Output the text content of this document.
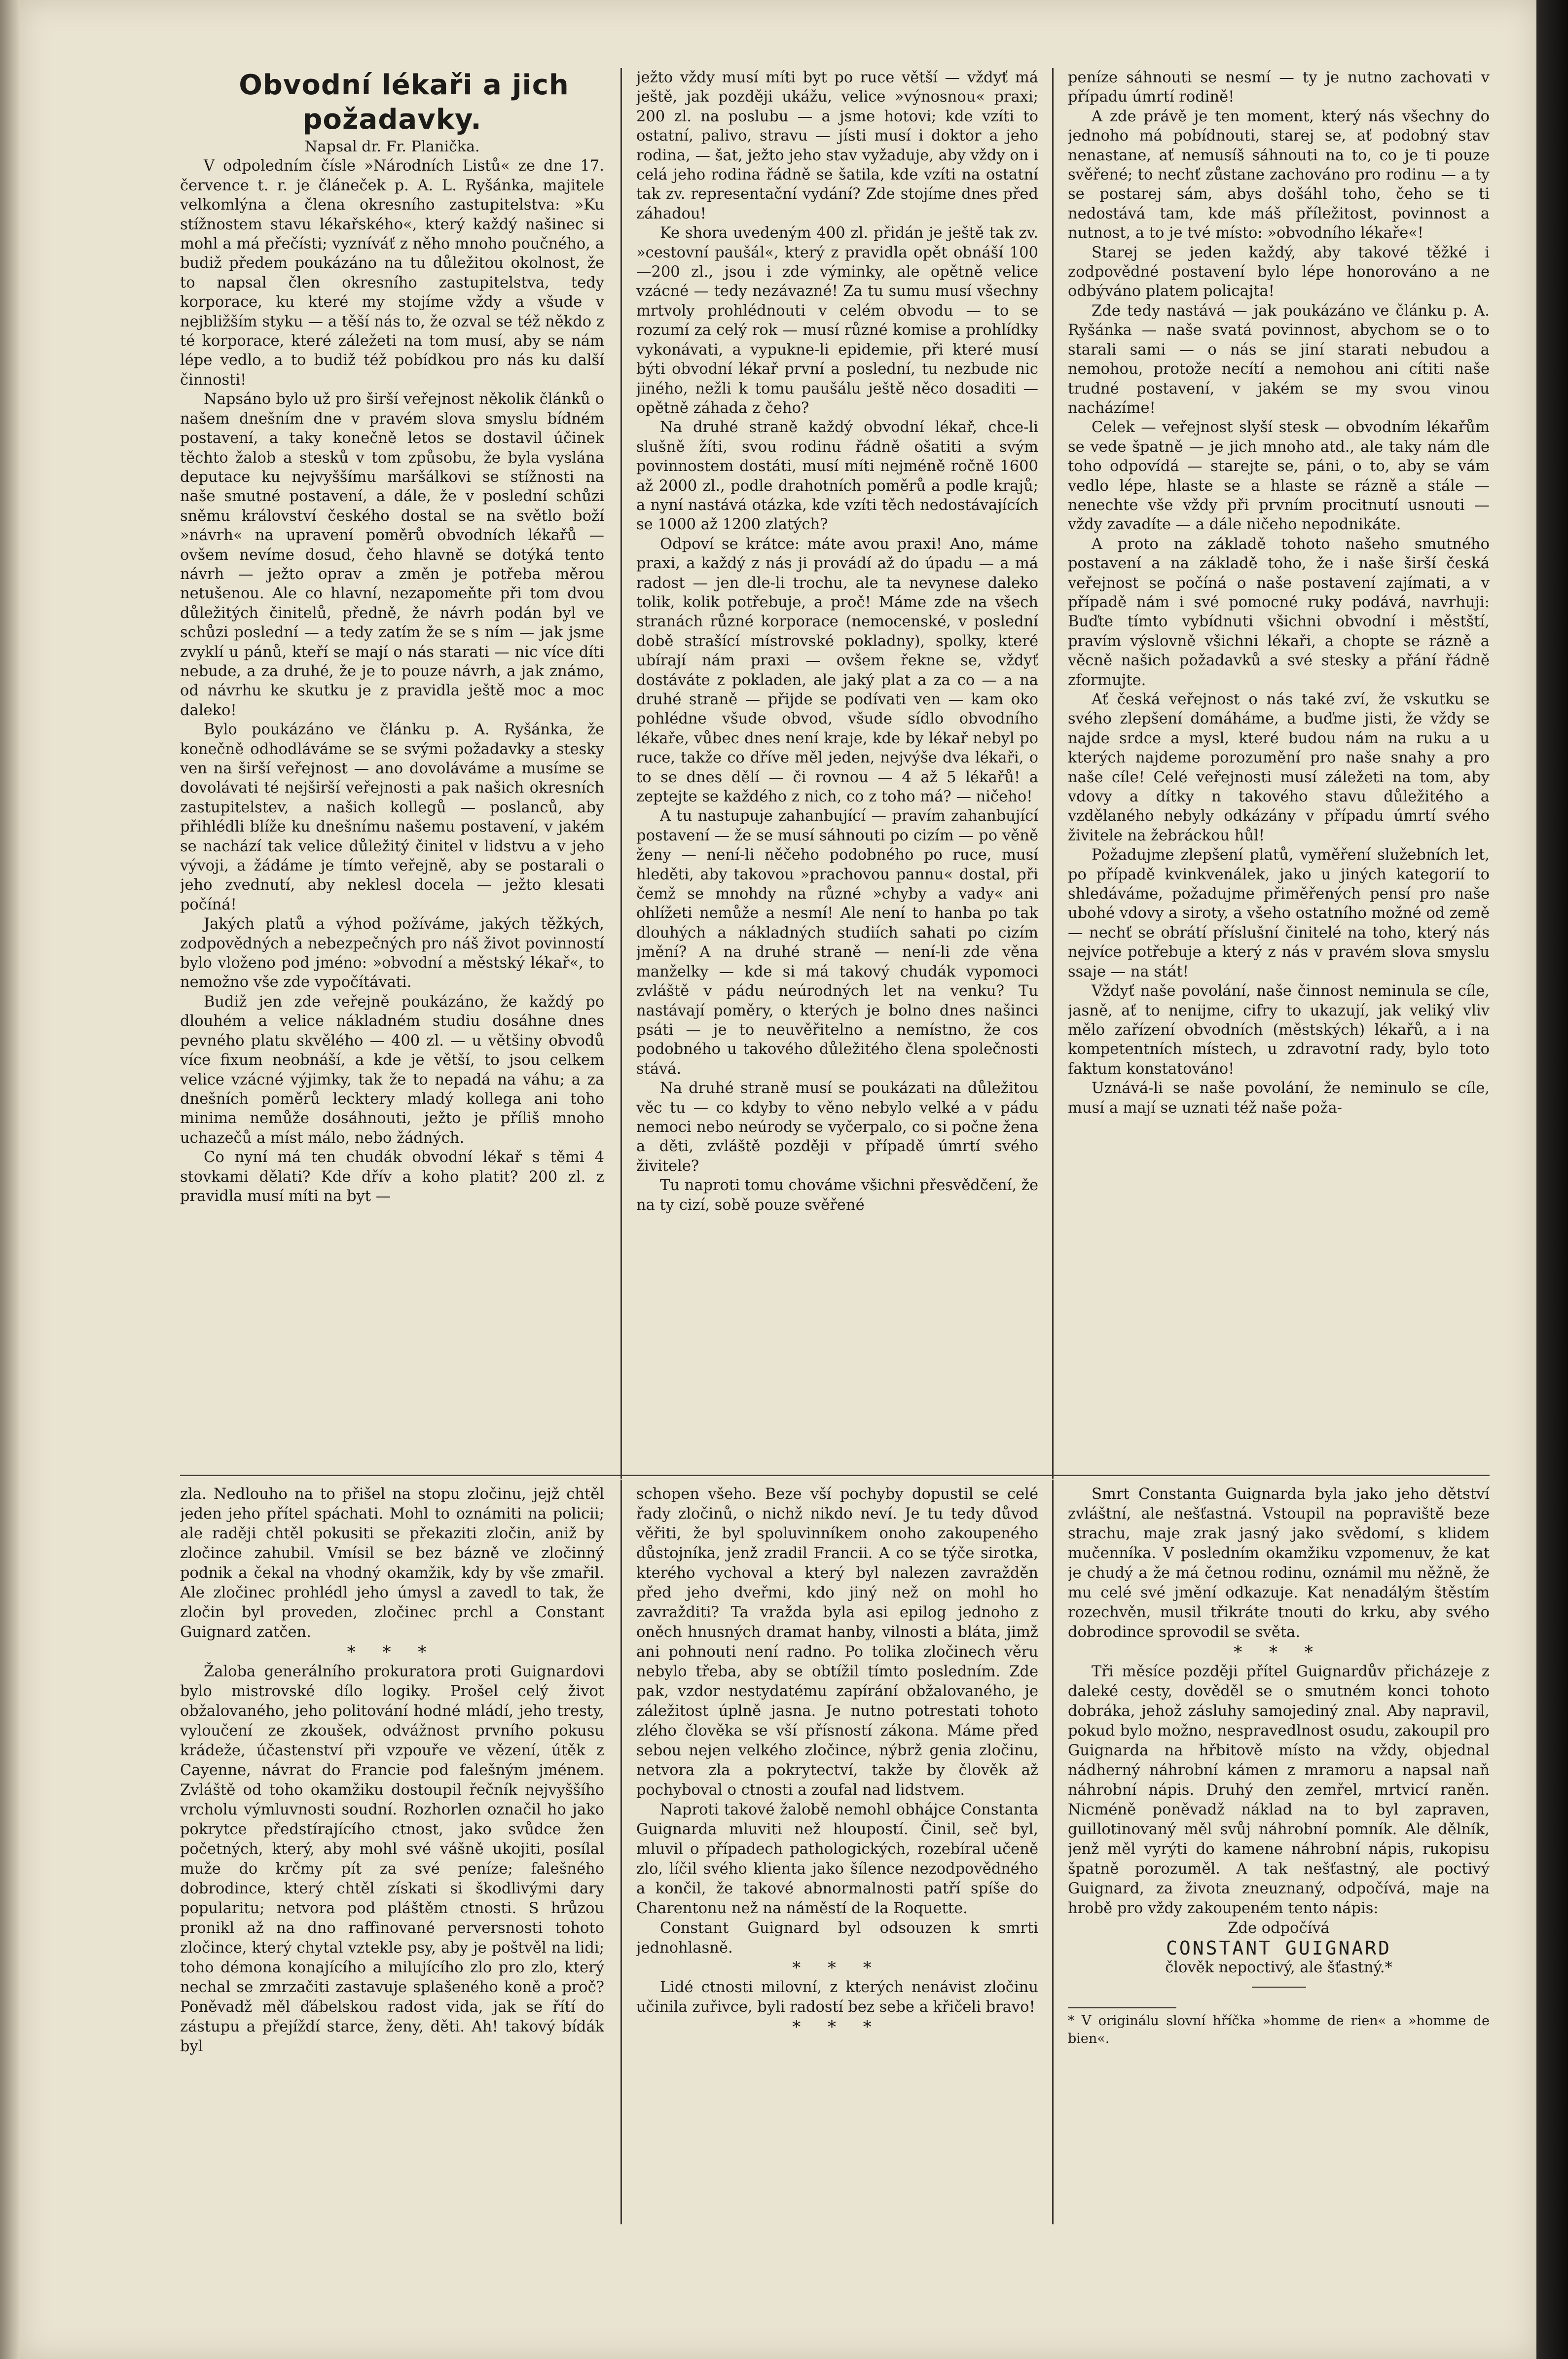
Obvodní lékaři a jich požadavky.

Napsal dr. Fr. Planička.

V odpoledním čísle »Národních Listů« ze dne 17. července t. r. je článeček p. A. L. Ryšánka, majitele velkomlýna a člena okresního zastupitelstva: »Ku stížnostem stavu lékařského«, který každý našinec si mohl a má přečísti; vyzníváť z něho mnoho poučného, a budiž předem poukázáno na tu důležitou okolnost, že to napsal člen okresního zastupitelstva, tedy korporace, ku které my stojíme vždy a všude v nejbližším styku — a těší nás to, že ozval se též někdo z té korporace, které záležeti na tom musí, aby se nám lépe vedlo, a to budiž též pobídkou pro nás ku další činnosti!

Napsáno bylo už pro širší veřejnost několik článků o našem dnešním dne v pravém slova smyslu bídném postavení, a taky konečně letos se dostavil účinek těchto žalob a stesků v tom způsobu, že byla vyslána deputace ku nejvyššímu maršálkovi se stížnosti na naše smutné postavení, a dále, že v poslední schůzi sněmu království českého dostal se na světlo boží »návrh« na upravení poměrů obvodních lékařů — ovšem nevíme dosud, čeho hlavně se dotýká tento návrh — ježto oprav a změn je potřeba měrou netušenou. Ale co hlavní, nezapomeňte při tom dvou důležitých činitelů, předně, že návrh podán byl ve schůzi poslední — a tedy zatím že se s ním — jak jsme zvyklí u pánů, kteří se mají o nás starati — nic více díti nebude, a za druhé, že je to pouze návrh, a jak známo, od návrhu ke skutku je z pravidla ještě moc a moc daleko!

Bylo poukázáno ve článku p. A. Ryšánka, že konečně odhodláváme se se svými požadavky a stesky ven na širší veřejnost — ano dovoláváme a musíme se dovolávati té nejširší veřejnosti a pak našich okresních zastupitelstev, a našich kollegů — poslanců, aby přihlédli blíže ku dnešnímu našemu postavení, v jakém se nachází tak velice důležitý činitel v lidstvu a v jeho vývoji, a žádáme je tímto veřejně, aby se postarali o jeho zvednutí, aby neklesl docela — ježto klesati počíná!

Jakých platů a výhod požíváme, jakých těžkých, zodpovědných a nebezpečných pro náš život povinností bylo vloženo pod jméno: »obvodní a městský lékař«, to nemožno vše zde vypočítávati.

Budiž jen zde veřejně poukázáno, že každý po dlouhém a velice nákladném studiu dosáhne dnes pevného platu skvělého — 400 zl. — u většiny obvodů více fixum neobnáší, a kde je větší, to jsou celkem velice vzácné výjimky, tak že to nepadá na váhu; a za dnešních poměrů lecktery mladý kollega ani toho minima nemůže dosáhnouti, ježto je příliš mnoho uchazečů a míst málo, nebo žádných.

Co nyní má ten chudák obvodní lékař s těmi 4 stovkami dělati? Kde dřív a koho platit? 200 zl. z pravidla musí míti na byt —

ježto vždy musí míti byt po ruce větší — vždyť má ještě, jak později ukážu, velice »výnosnou« praxi; 200 zl. na poslubu — a jsme hotovi; kde vzíti to ostatní, palivo, stravu — jísti musí i doktor a jeho rodina, — šat, ježto jeho stav vyžaduje, aby vždy on i celá jeho rodina řádně se šatila, kde vzíti na ostatní tak zv. representační vydání? Zde stojíme dnes před záhadou!

Ke shora uvedeným 400 zl. přidán je ještě tak zv. »cestovní paušál«, který z pravidla opět obnáší 100—200 zl., jsou i zde výminky, ale opětně velice vzácné — tedy nezávazné! Za tu sumu musí všechny mrtvoly prohlédnouti v celém obvodu — to se rozumí za celý rok — musí různé komise a prohlídky vykonávati, a vypukne-li epidemie, při které musí býti obvodní lékař první a poslední, tu nezbude nic jiného, nežli k tomu paušálu ještě něco dosaditi — opětně záhada z čeho?

Na druhé straně každý obvodní lékař, chce-li slušně žíti, svou rodinu řádně ošatiti a svým povinnostem dostáti, musí míti nejméně ročně 1600 až 2000 zl., podle drahotních poměrů a podle krajů; a nyní nastává otázka, kde vzíti těch nedostávajících se 1000 až 1200 zlatých?

Odpoví se krátce: máte avou praxi! Ano, máme praxi, a každý z nás ji provádí až do úpadu — a má radost — jen dle-li trochu, ale ta nevynese daleko tolik, kolik potřebuje, a proč! Máme zde na všech stranách různé korporace (nemocenské, v poslední době strašící místrovské pokladny), spolky, které ubírají nám praxi — ovšem řekne se, vždyť dostáváte z pokladen, ale jaký plat a za co — a na druhé straně — přijde se podívati ven — kam oko pohlédne všude obvod, všude sídlo obvodního lékaře, vůbec dnes není kraje, kde by lékař nebyl po ruce, takže co dříve měl jeden, nejvýše dva lékaři, o to se dnes dělí — či rovnou — 4 až 5 lékařů! a zeptejte se každého z nich, co z toho má? — ničeho!

A tu nastupuje zahanbující — pravím zahanbující postavení — že se musí sáhnouti po cizím — po věně ženy — není-li něčeho podobného po ruce, musí hleděti, aby takovou »prachovou pannu« dostal, při čemž se mnohdy na různé »chyby a vady« ani ohlížeti nemůže a nesmí! Ale není to hanba po tak dlouhých a nákladných studiích sahati po cizím jmění? A na druhé straně — není-li zde věna manželky — kde si má takový chudák vypomoci zvláště v pádu neúrodných let na venku? Tu nastávají poměry, o kterých je bolno dnes našinci psáti — je to neuvěřitelno a nemístno, že cos podobného u takového důležitého člena společnosti stává.

Na druhé straně musí se poukázati na důležitou věc tu — co kdyby to věno nebylo velké a v pádu nemoci nebo neúrody se vyčerpalo, co si počne žena a děti, zvláště později v případě úmrtí svého živitele?

Tu naproti tomu chováme všichni přesvědčení, že na ty cizí, sobě pouze svěřené

peníze sáhnouti se nesmí — ty je nutno zachovati v případu úmrtí rodině!

A zde právě je ten moment, který nás všechny do jednoho má pobídnouti, starej se, ať podobný stav nenastane, ať nemusíš sáhnouti na to, co je ti pouze svěřené; to nechť zůstane zachováno pro rodinu — a ty se postarej sám, abys došáhl toho, čeho se ti nedostává tam, kde máš příležitost, povinnost a nutnost, a to je tvé místo: »obvodního lékaře«!

Starej se jeden každý, aby takové těžké i zodpovědné postavení bylo lépe honorováno a ne odbýváno platem policajta!

Zde tedy nastává — jak poukázáno ve článku p. A. Ryšánka — naše svatá povinnost, abychom se o to starali sami — o nás se jiní starati nebudou a nemohou, protože necítí a nemohou ani cítiti naše trudné postavení, v jakém se my svou vinou nacházíme!

Celek — veřejnost slyší stesk — obvodním lékařům se vede špatně — je jich mnoho atd., ale taky nám dle toho odpovídá — starejte se, páni, o to, aby se vám vedlo lépe, hlaste se a hlaste se rázně a stále — nenechte vše vždy při prvním procitnutí usnouti — vždy zavadíte — a dále ničeho nepodnikáte.

A proto na základě tohoto našeho smutného postavení a na základě toho, že i naše širší česká veřejnost se počíná o naše postavení zajímati, a v případě nám i své pomocné ruky podává, navrhuji: Buďte tímto vybídnuti všichni obvodní i městští, pravím výslovně všichni lékaři, a chopte se rázně a věcně našich požadavků a své stesky a přání řádně zformujte.

Ať česká veřejnost o nás také zví, že vskutku se svého zlepšení domáháme, a buďme jisti, že vždy se najde srdce a mysl, které budou nám na ruku a u kterých najdeme porozumění pro naše snahy a pro naše cíle! Celé veřejnosti musí záležeti na tom, aby vdovy a dítky n takového stavu důležitého a vzdělaného nebyly odkázány v případu úmrtí svého živitele na žebráckou hůl!

Požadujme zlepšení platů, vyměření služebních let, po případě kvinkvenálek, jako u jiných kategorií to shledáváme, požadujme přiměřených pensí pro naše ubohé vdovy a siroty, a všeho ostatního možné od země — nechť se obrátí příslušní činitelé na toho, který nás nejvíce potřebuje a který z nás v pravém slova smyslu ssaje — na stát!

Vždyť naše povolání, naše činnost neminula se cíle, jasně, ať to nenijme, cifry to ukazují, jak veliký vliv mělo zařízení obvodních (městských) lékařů, a i na kompetentních místech, u zdravotní rady, bylo toto faktum konstatováno!

Uznává-li se naše povolání, že neminulo se cíle, musí a mají se uznati též naše poža-

zla. Nedlouho na to přišel na stopu zločinu, jejž chtěl jeden jeho přítel spáchati. Mohl to oznámiti na policii; ale raději chtěl pokusiti se překaziti zločin, aniž by zločince zahubil. Vmísil se bez bázně ve zločinný podnik a čekal na vhodný okamžik, kdy by vše zmařil. Ale zločinec prohlédl jeho úmysl a zavedl to tak, že zločin byl proveden, zločinec prchl a Constant Guignard zatčen.

* * *

Žaloba generálního prokuratora proti Guignardovi bylo mistrovské dílo logiky. Prošel celý život obžalovaného, jeho politování hodné mládí, jeho tresty, vyloučení ze zkoušek, odvážnost prvního pokusu krádeže, účastenství při vzpouře ve vězení, útěk z Cayenne, návrat do Francie pod falešným jménem. Zvláště od toho okamžiku dostoupil řečník nejvyššího vrcholu výmluvnosti soudní. Rozhorlen označil ho jako pokrytce předstírajícího ctnost, jako svůdce žen početných, který, aby mohl své vášně ukojiti, posílal muže do krčmy pít za své peníze; falešného dobrodince, který chtěl získati si škodlivými dary popularitu; netvora pod pláštěm ctnosti. S hrůzou pronikl až na dno raffinované perversnosti tohoto zločince, který chytal vztekle psy, aby je poštvěl na lidi; toho démona konajícího a milujícího zlo pro zlo, který nechal se zmrzačiti zastavuje splašeného koně a proč? Poněvadž měl ďábelskou radost vida, jak se řítí do zástupu a přejíždí starce, ženy, děti. Ah! takový bídák byl

schopen všeho. Beze vší pochyby dopustil se celé řady zločinů, o nichž nikdo neví. Je tu tedy důvod věřiti, že byl spoluvinníkem onoho zakoupeného důstojníka, jenž zradil Francii. A co se týče sirotka, kterého vychoval a který byl nalezen zavražděn před jeho dveřmi, kdo jiný než on mohl ho zavražditi? Ta vražda byla asi epilog jednoho z oněch hnusných dramat hanby, vilnosti a bláta, jimž ani pohnouti není radno. Po tolika zločinech věru nebylo třeba, aby se obtížil tímto posledním. Zde pak, vzdor nestydatému zapírání obžalovaného, je záležitost úplně jasna. Je nutno potrestati tohoto zlého člověka se vší přísností zákona. Máme před sebou nejen velkého zločince, nýbrž genia zločinu, netvora zla a pokrytectví, takže by člověk až pochyboval o ctnosti a zoufal nad lidstvem.

Naproti takové žalobě nemohl obhájce Constanta Guignarda mluviti než hloupostí. Činil, seč byl, mluvil o případech pathologických, rozebíral učeně zlo, líčil svého klienta jako šílence nezodpovědného a končil, že takové abnormalnosti patří spíše do Charentonu než na náměstí de la Roquette.

Constant Guignard byl odsouzen k smrti jednohlasně.

* * *

Lidé ctnosti milovní, z kterých nenávist zločinu učinila zuřivce, byli radostí bez sebe a křičeli bravo!

* * *

Smrt Constanta Guignarda byla jako jeho dětství zvláštní, ale nešťastná. Vstoupil na popraviště beze strachu, maje zrak jasný jako svědomí, s klidem mučenníka. V posledním okamžiku vzpomenuv, že kat je chudý a že má četnou rodinu, oznámil mu něžně, že mu celé své jmění odkazuje. Kat nenadálým štěstím rozechvěn, musil třikráte tnouti do krku, aby svého dobrodince sprovodil se světa.

* * *

Tři měsíce později přítel Guignardův přicházeje z daleké cesty, dověděl se o smutném konci tohoto dobráka, jehož zásluhy samojediný znal. Aby napravil, pokud bylo možno, nespravedlnost osudu, zakoupil pro Guignarda na hřbitově místo na vždy, objednal nádherný náhrobní kámen z mramoru a napsal naň náhrobní nápis. Druhý den zemřel, mrtvicí raněn. Nicméně poněvadž náklad na to byl zapraven, guillotinovaný měl svůj náhrobní pomník. Ale dělník, jenž měl vyrýti do kamene náhrobní nápis, rukopisu špatně porozuměl. A tak nešťastný, ale poctivý Guignard, za života zneuznaný, odpočívá, maje na hrobě pro vždy zakoupeném tento nápis:

Zde odpočívá

CONSTANT GUIGNARD

člověk nepoctivý, ale šťastný.*

* V originálu slovní hříčka »homme de rien« a »homme de bien«.
